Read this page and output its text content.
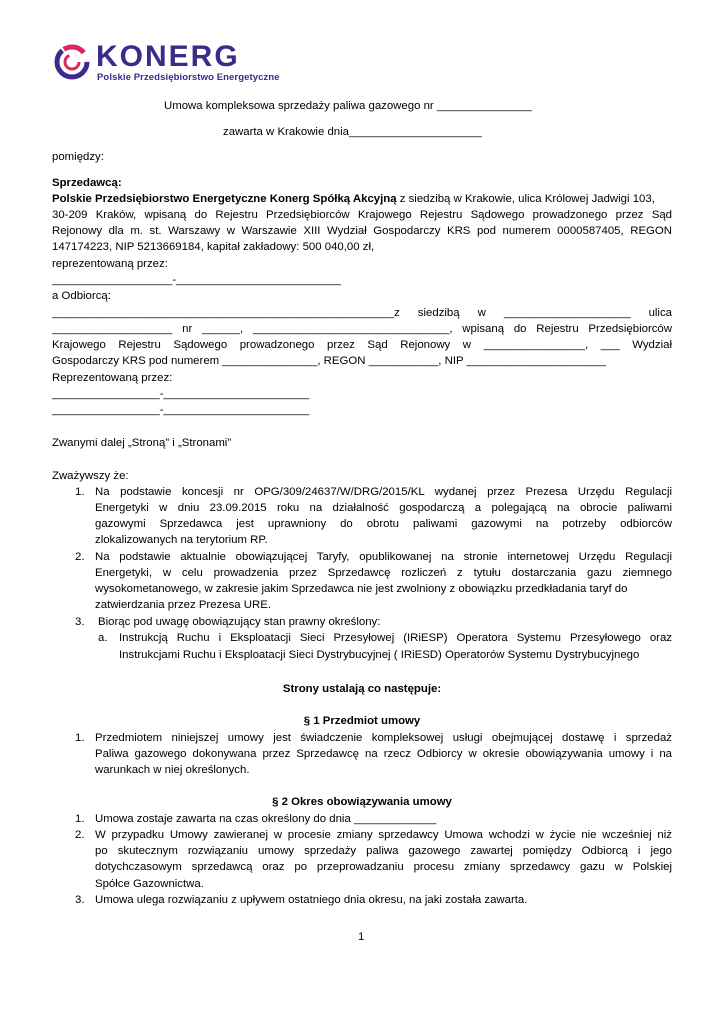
KONERG
Polskie Przedsiębiorstwo Energetyczne
Umowa kompleksowa sprzedaży paliwa gazowego nr _______________
zawarta w Krakowie dnia_____________________
pomiędzy:
Sprzedawcą:
Polskie Przedsiębiorstwo Energetyczne Konerg Spółką Akcyjną z siedzibą w Krakowie, ulica Królowej Jadwigi 103,
30-209 Kraków, wpisaną do Rejestru Przedsiębiorców Krajowego Rejestru Sądowego prowadzonego przez Sąd
Rejonowy dla m. st. Warszawy w Warszawie XIII Wydział Gospodarczy KRS pod numerem 0000587405, REGON
147174223, NIP 5213669184, kapitał zakładowy: 500 040,00 zł,
reprezentowaną przez:
___________________-__________________________
a Odbiorcą:
______________________________________________________z siedzibą w ____________________ ulica
___________________ nr ______, _______________________________, wpisaną do Rejestru Przedsiębiorców
Krajowego Rejestru Sądowego prowadzonego przez Sąd Rejonowy w ________________, ___ Wydział
Gospodarczy KRS pod numerem _______________, REGON ___________, NIP ______________________
Reprezentowaną przez:
_________________-_______________________
_________________-_______________________
Zwanymi dalej „Stroną” i „Stronami”
Zważywszy że:
1. Na podstawie koncesji nr OPG/309/24637/W/DRG/2015/KL wydanej przez Prezesa Urzędu Regulacji
Energetyki w dniu 23.09.2015 roku na działalność gospodarczą a polegającą na obrocie paliwami
gazowymi Sprzedawca jest uprawniony do obrotu paliwami gazowymi na potrzeby odbiorców
zlokalizowanych na terytorium RP.
2. Na podstawie aktualnie obowiązującej Taryfy, opublikowanej na stronie internetowej Urzędu Regulacji
Energetyki, w celu prowadzenia przez Sprzedawcę rozliczeń z tytułu dostarczania gazu ziemnego
wysokometanowego, w zakresie jakim Sprzedawca nie jest zwolniony z obowiązku przedkładania taryf do
zatwierdzania przez Prezesa URE.
3. Biorąc pod uwagę obowiązujący stan prawny określony:
a. Instrukcją Ruchu i Eksploatacji Sieci Przesyłowej (IRiESP) Operatora Systemu Przesyłowego oraz
Instrukcjami Ruchu i Eksploatacji Sieci Dystrybucyjnej ( IRiESD) Operatorów Systemu Dystrybucyjnego
Strony ustalają co następuje:
§ 1 Przedmiot umowy
1. Przedmiotem niniejszej umowy jest świadczenie kompleksowej usługi obejmującej dostawę i sprzedaż
Paliwa gazowego dokonywana przez Sprzedawcę na rzecz Odbiorcy w okresie obowiązywania umowy i na
warunkach w niej określonych.
§ 2 Okres obowiązywania umowy
1. Umowa zostaje zawarta na czas określony do dnia _____________
2. W przypadku Umowy zawieranej w procesie zmiany sprzedawcy Umowa wchodzi w życie nie wcześniej niż
po skutecznym rozwiązaniu umowy sprzedaży paliwa gazowego zawartej pomiędzy Odbiorcą i jego
dotychczasowym sprzedawcą oraz po przeprowadzaniu procesu zmiany sprzedawcy gazu w Polskiej
Spółce Gazownictwa.
3. Umowa ulega rozwiązaniu z upływem ostatniego dnia okresu, na jaki została zawarta.
1
